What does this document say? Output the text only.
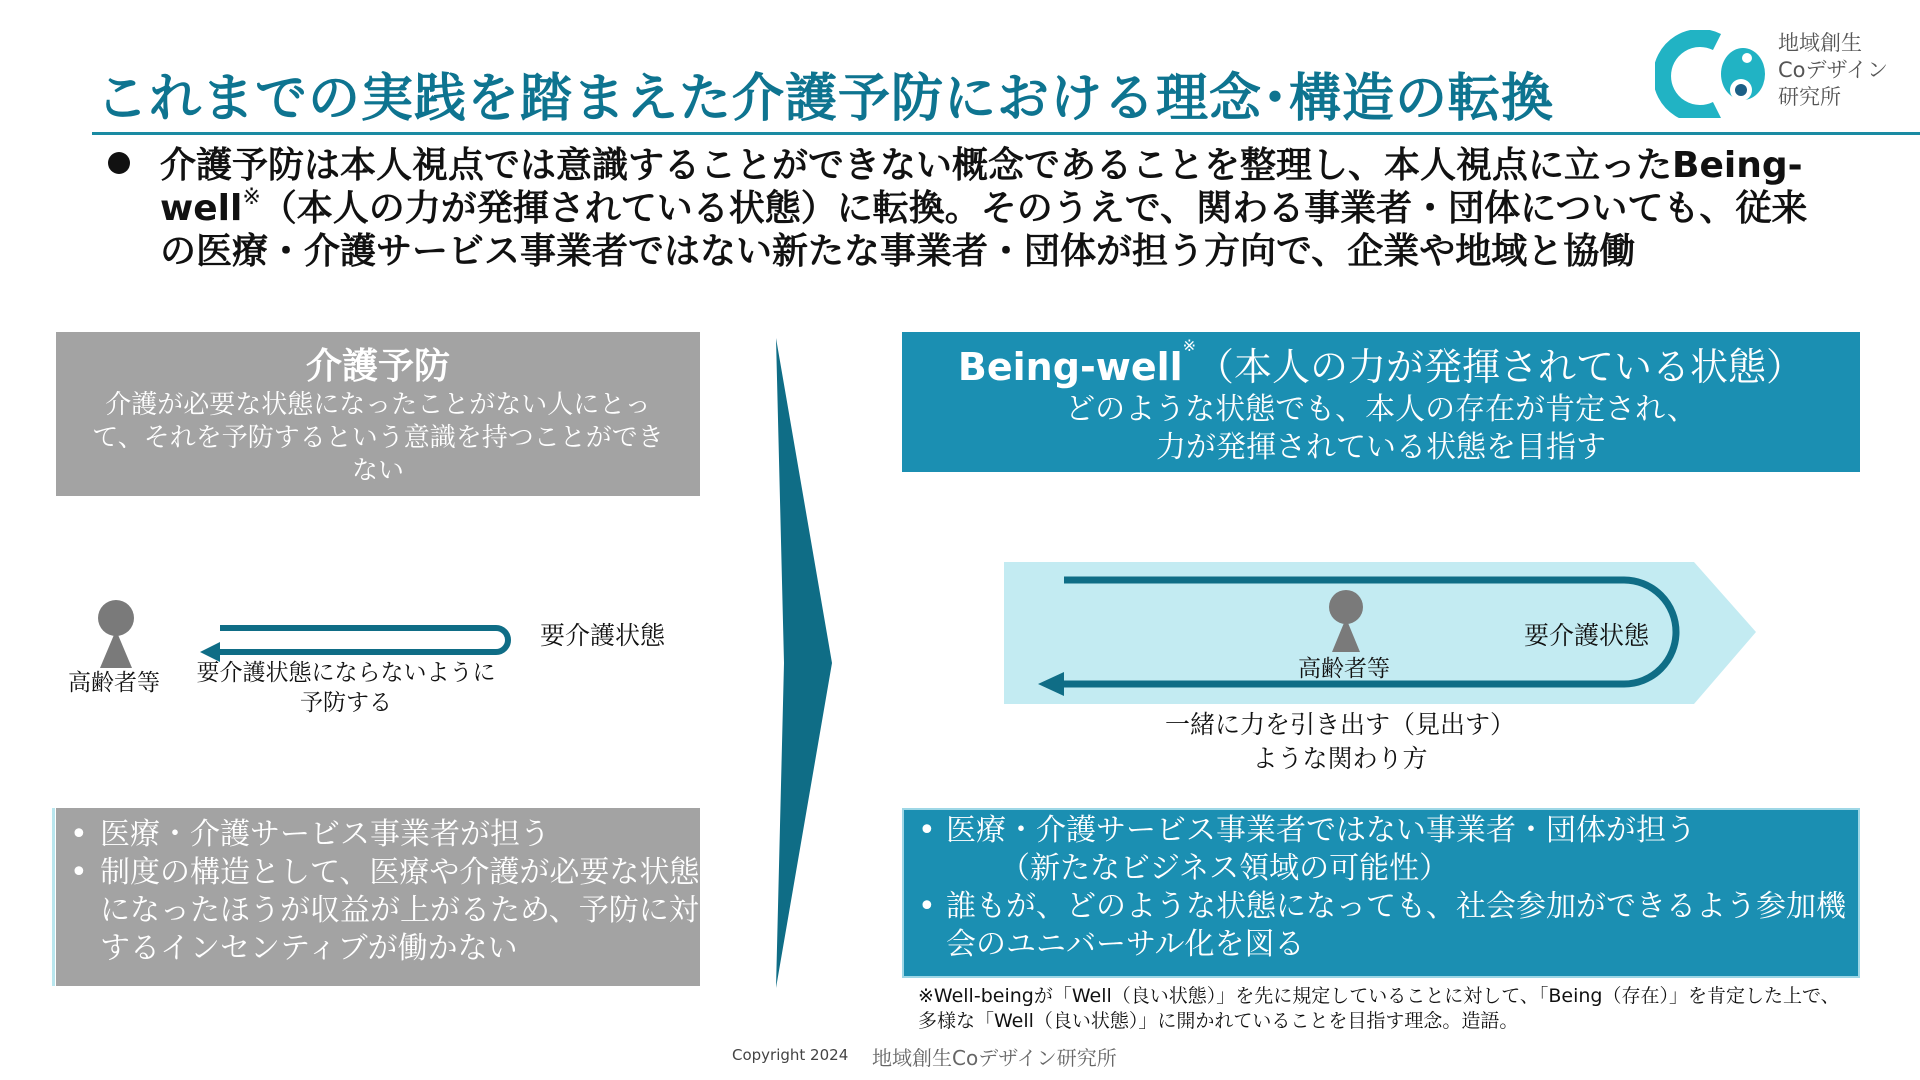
これまでの実践を踏まえた介護予防における理念･構造の転換
地域創生
Coデザイン
研究所
介護予防は本人視点では意識することができない概念であることを整理し、本人視点に立ったBeing-well※（本人の力が発揮されている状態）に転換。そのうえで、関わる事業者・団体についても、従来の医療・介護サービス事業者ではない新たな事業者・団体が担う方向で、企業や地域と協働
介護予防
介護が必要な状態になったことがない人にとって、それを予防するという意識を持つことができない
高齢者等	要介護状態にならないように予防する
要介護状態
• 医療・介護サービス事業者が担う
• 制度の構造として、医療や介護が必要な状態になったほうが収益が上がるため、予防に対するインセンティブが働かない
Being-well※（本人の力が発揮されている状態）
どのような状態でも、本人の存在が肯定され、
力が発揮されている状態を目指す
高齢者等
要介護状態
一緒に力を引き出す（見出す）ような関わり方
• 医療・介護サービス事業者ではない事業者・団体が担う
（新たなビジネス領域の可能性）
• 誰もが、どのような状態になっても、社会参加ができるよう参加機会のユニバーサル化を図る
※Well-beingが「Well（良い状態）」を先に規定していることに対して、「Being（存在）」を肯定した上で、多様な「Well（良い状態）」に開かれていることを目指す理念。造語。
Copyright 2024 地域創生Coデザイン研究所
